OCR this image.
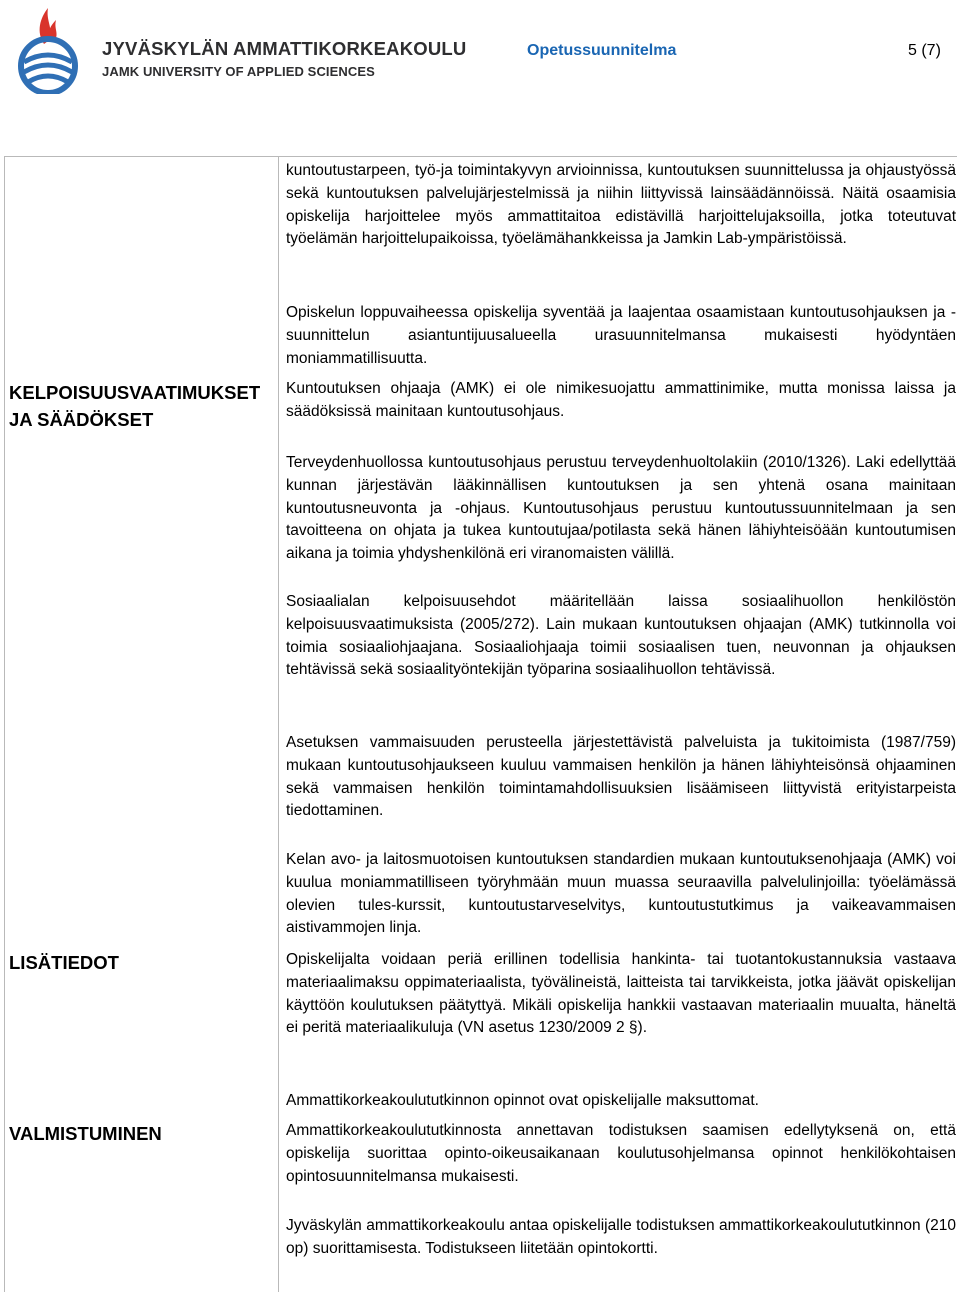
JYVÄSKYLÄN AMMATTIKORKEAKOULU
JAMK UNIVERSITY OF APPLIED SCIENCES
Opetussuunnitelma	5 (7)
KELPOISUUSVAATIMUKSET
JA SÄÄDÖKSET
LISÄTIEDOT
VALMISTUMINEN
kuntoutustarpeen, työ-ja toimintakyvyn arvioinnissa, kuntoutuksen suunnittelussa ja ohjaustyössä sekä kuntoutuksen palvelujärjestelmissä ja niihin liittyvissä lainsäädännöissä. Näitä osaamisia opiskelija harjoittelee myös ammattitaitoa edistävillä harjoittelujaksoilla, jotka toteutuvat työelämän harjoittelupaikoissa, työelämähankkeissa ja Jamkin Lab-ympäristöissä.
Opiskelun loppuvaiheessa opiskelija syventää ja laajentaa osaamistaan kuntoutusohjauksen ja -suunnittelun asiantuntijuusalueella urasuunnitelmansa mukaisesti hyödyntäen moniammatillisuutta.
Kuntoutuksen ohjaaja (AMK) ei ole nimikesuojattu ammattinimike, mutta monissa laissa ja säädöksissä mainitaan kuntoutusohjaus.
Terveydenhuollossa kuntoutusohjaus perustuu terveydenhuoltolakiin (2010/1326). Laki edellyttää kunnan järjestävän lääkinnällisen kuntoutuksen ja sen yhtenä osana mainitaan kuntoutusneuvonta ja -ohjaus. Kuntoutusohjaus perustuu kuntoutussuunnitelmaan ja sen tavoitteena on ohjata ja tukea kuntoutujaa/potilasta sekä hänen lähiyhteisöään kuntoutumisen aikana ja toimia yhdyshenkilönä eri viranomaisten välillä.
Sosiaalialan kelpoisuusehdot määritellään laissa sosiaalihuollon henkilöstön kelpoisuusvaatimuksista (2005/272). Lain mukaan kuntoutuksen ohjaajan (AMK) tutkinnolla voi toimia sosiaaliohjaajana. Sosiaaliohjaaja toimii sosiaalisen tuen, neuvonnan ja ohjauksen tehtävissä sekä sosiaalityöntekijän työparina sosiaalihuollon tehtävissä.
Asetuksen vammaisuuden perusteella järjestettävistä palveluista ja tukitoimista (1987/759) mukaan kuntoutusohjaukseen kuuluu vammaisen henkilön ja hänen lähiyhteisönsä ohjaaminen sekä vammaisen henkilön toimintamahdollisuuksien lisäämiseen liittyvistä erityistarpeista tiedottaminen.
Kelan avo- ja laitosmuotoisen kuntoutuksen standardien mukaan kuntoutuksenohjaaja (AMK) voi kuulua moniammatilliseen työryhmään muun muassa seuraavilla palvelulinjoilla: työelämässä olevien tules-kurssit, kuntoutustarveselvitys, kuntoutustutkimus ja vaikeavammaisen aistivammojen linja.
Opiskelijalta voidaan periä erillinen todellisia hankinta- tai tuotantokustannuksia vastaava materiaalimaksu oppimateriaalista, työvälineistä, laitteista tai tarvikkeista, jotka jäävät opiskelijan käyttöön koulutuksen päätyttyä. Mikäli opiskelija hankkii vastaavan materiaalin muualta, häneltä ei peritä materiaalikuluja (VN asetus 1230/2009 2 §).
Ammattikorkeakoulututkinnon opinnot ovat opiskelijalle maksuttomat.
Ammattikorkeakoulututkinnosta annettavan todistuksen saamisen edellytyksenä on, että opiskelija suorittaa opinto-oikeusaikanaan koulutusohjelmansa opinnot henkilökohtaisen opintosuunnitelmansa mukaisesti.
Jyväskylän ammattikorkeakoulu antaa opiskelijalle todistuksen ammattikorkeakoulututkinnon (210 op) suorittamisesta. Todistukseen liitetään opintokortti.
